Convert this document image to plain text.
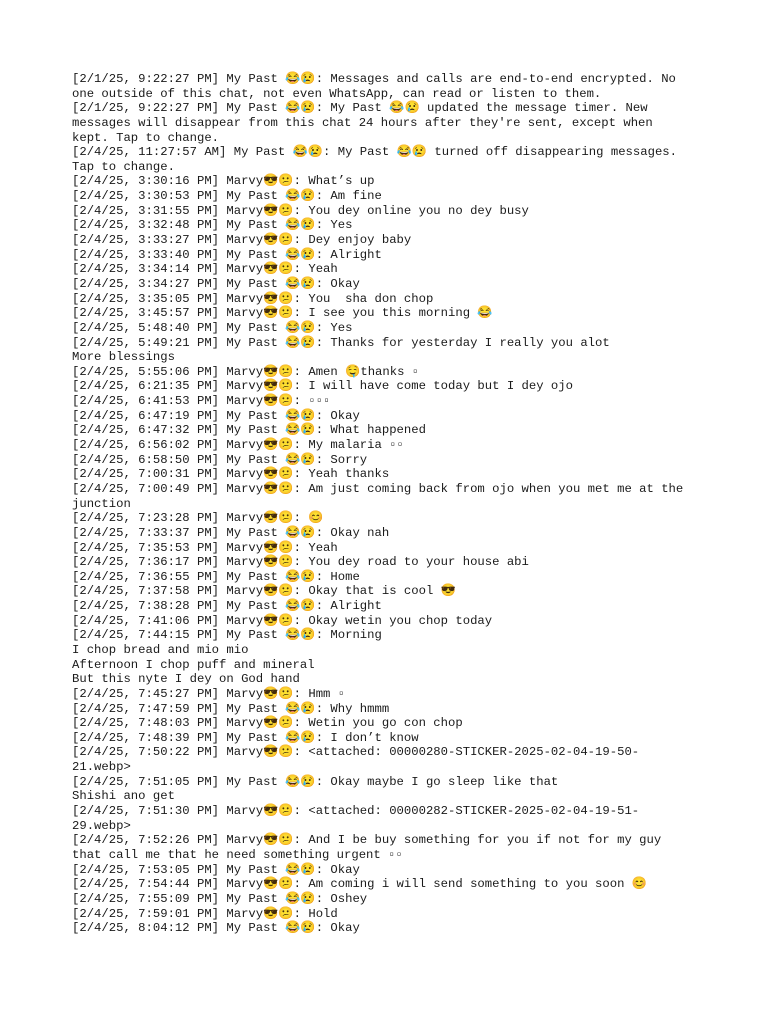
[2/1/25, 9:22:27 PM] My Past 😂😢: Messages and calls are end-to-end encrypted. No
one outside of this chat, not even WhatsApp, can read or listen to them.
[2/1/25, 9:22:27 PM] My Past 😂😢: My Past 😂😢 updated the message timer. New
messages will disappear from this chat 24 hours after they're sent, except when
kept. Tap to change.
[2/4/25, 11:27:57 AM] My Past 😂😢: My Past 😂😢 turned off disappearing messages.
Tap to change.
[2/4/25, 3:30:16 PM] Marvy😎😕: What’s up
[2/4/25, 3:30:53 PM] My Past 😂😢: Am fine
[2/4/25, 3:31:55 PM] Marvy😎😕: You dey online you no dey busy
[2/4/25, 3:32:48 PM] My Past 😂😢: Yes
[2/4/25, 3:33:27 PM] Marvy😎😕: Dey enjoy baby
[2/4/25, 3:33:40 PM] My Past 😂😢: Alright
[2/4/25, 3:34:14 PM] Marvy😎😕: Yeah
[2/4/25, 3:34:27 PM] My Past 😂😢: Okay
[2/4/25, 3:35:05 PM] Marvy😎😕: You  sha don chop
[2/4/25, 3:45:57 PM] Marvy😎😕: I see you this morning 😂
[2/4/25, 5:48:40 PM] My Past 😂😢: Yes
[2/4/25, 5:49:21 PM] My Past 😂😢: Thanks for yesterday I really you alot
More blessings
[2/4/25, 5:55:06 PM] Marvy😎😕: Amen 🤤thanks ▫
[2/4/25, 6:21:35 PM] Marvy😎😕: I will have come today but I dey ojo
[2/4/25, 6:41:53 PM] Marvy😎😕: ▫▫▫
[2/4/25, 6:47:19 PM] My Past 😂😢: Okay
[2/4/25, 6:47:32 PM] My Past 😂😢: What happened
[2/4/25, 6:56:02 PM] Marvy😎😕: My malaria ▫▫
[2/4/25, 6:58:50 PM] My Past 😂😢: Sorry
[2/4/25, 7:00:31 PM] Marvy😎😕: Yeah thanks
[2/4/25, 7:00:49 PM] Marvy😎😕: Am just coming back from ojo when you met me at the
junction
[2/4/25, 7:23:28 PM] Marvy😎😕: 😊
[2/4/25, 7:33:37 PM] My Past 😂😢: Okay nah
[2/4/25, 7:35:53 PM] Marvy😎😕: Yeah
[2/4/25, 7:36:17 PM] Marvy😎😕: You dey road to your house abi
[2/4/25, 7:36:55 PM] My Past 😂😢: Home
[2/4/25, 7:37:58 PM] Marvy😎😕: Okay that is cool 😎
[2/4/25, 7:38:28 PM] My Past 😂😢: Alright
[2/4/25, 7:41:06 PM] Marvy😎😕: Okay wetin you chop today
[2/4/25, 7:44:15 PM] My Past 😂😢: Morning
I chop bread and mio mio
Afternoon I chop puff and mineral
But this nyte I dey on God hand
[2/4/25, 7:45:27 PM] Marvy😎😕: Hmm ▫
[2/4/25, 7:47:59 PM] My Past 😂😢: Why hmmm
[2/4/25, 7:48:03 PM] Marvy😎😕: Wetin you go con chop
[2/4/25, 7:48:39 PM] My Past 😂😢: I don’t know
[2/4/25, 7:50:22 PM] Marvy😎😕: <attached: 00000280-STICKER-2025-02-04-19-50-
21.webp>
[2/4/25, 7:51:05 PM] My Past 😂😢: Okay maybe I go sleep like that
Shishi ano get
[2/4/25, 7:51:30 PM] Marvy😎😕: <attached: 00000282-STICKER-2025-02-04-19-51-
29.webp>
[2/4/25, 7:52:26 PM] Marvy😎😕: And I be buy something for you if not for my guy
that call me that he need something urgent ▫▫
[2/4/25, 7:53:05 PM] My Past 😂😢: Okay
[2/4/25, 7:54:44 PM] Marvy😎😕: Am coming i will send something to you soon 😊
[2/4/25, 7:55:09 PM] My Past 😂😢: Oshey
[2/4/25, 7:59:01 PM] Marvy😎😕: Hold
[2/4/25, 8:04:12 PM] My Past 😂😢: Okay
